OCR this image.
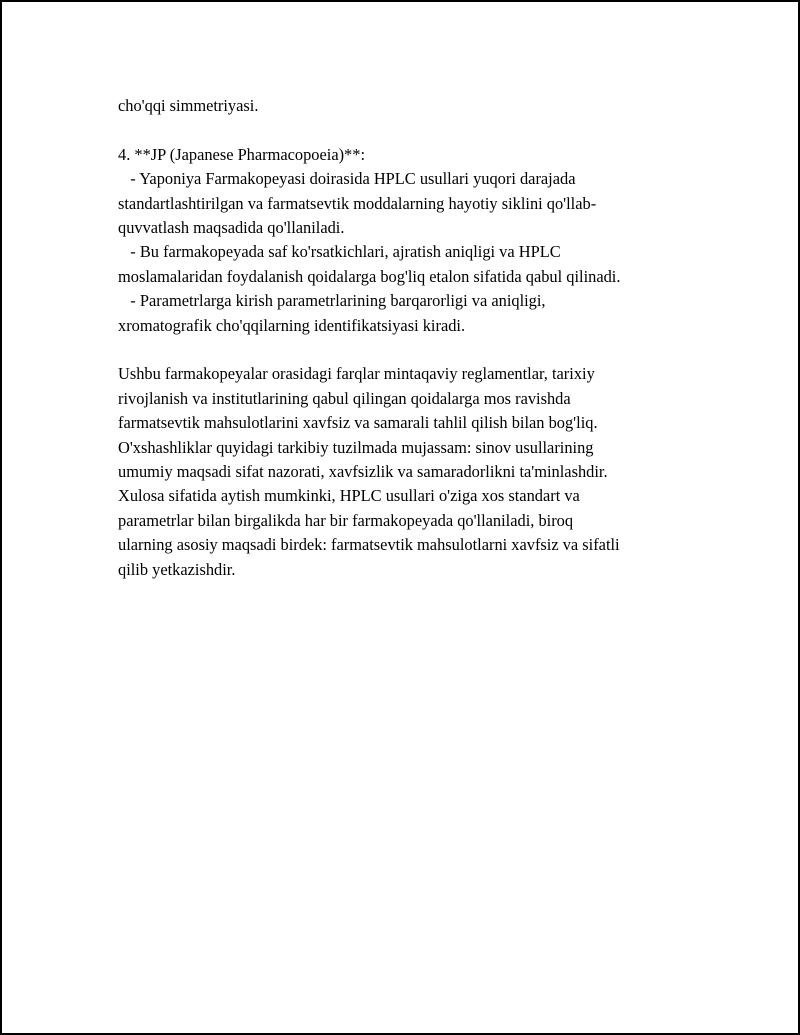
cho'qqi simmetriyasi.
4. **JP (Japanese Pharmacopoeia)**:
- Yaponiya Farmakopeyasi doirasida HPLC usullari yuqori darajada
standartlashtirilgan va farmatsevtik moddalarning hayotiy siklini qo'llab-
quvvatlash maqsadida qo'llaniladi.
- Bu farmakopeyada saf ko'rsatkichlari, ajratish aniqligi va HPLC
moslamalaridan foydalanish qoidalarga bog'liq etalon sifatida qabul qilinadi.
- Parametrlarga kirish parametrlarining barqarorligi va aniqligi,
xromatografik cho'qqilarning identifikatsiyasi kiradi.
Ushbu farmakopeyalar orasidagi farqlar mintaqaviy reglamentlar, tarixiy
rivojlanish va institutlarining qabul qilingan qoidalarga mos ravishda
farmatsevtik mahsulotlarini xavfsiz va samarali tahlil qilish bilan bog'liq.
O'xshashliklar quyidagi tarkibiy tuzilmada mujassam: sinov usullarining
umumiy maqsadi sifat nazorati, xavfsizlik va samaradorlikni ta'minlashdir.
Xulosa sifatida aytish mumkinki, HPLC usullari o'ziga xos standart va
parametrlar bilan birgalikda har bir farmakopeyada qo'llaniladi, biroq
ularning asosiy maqsadi birdek: farmatsevtik mahsulotlarni xavfsiz va sifatli
qilib yetkazishdir.
